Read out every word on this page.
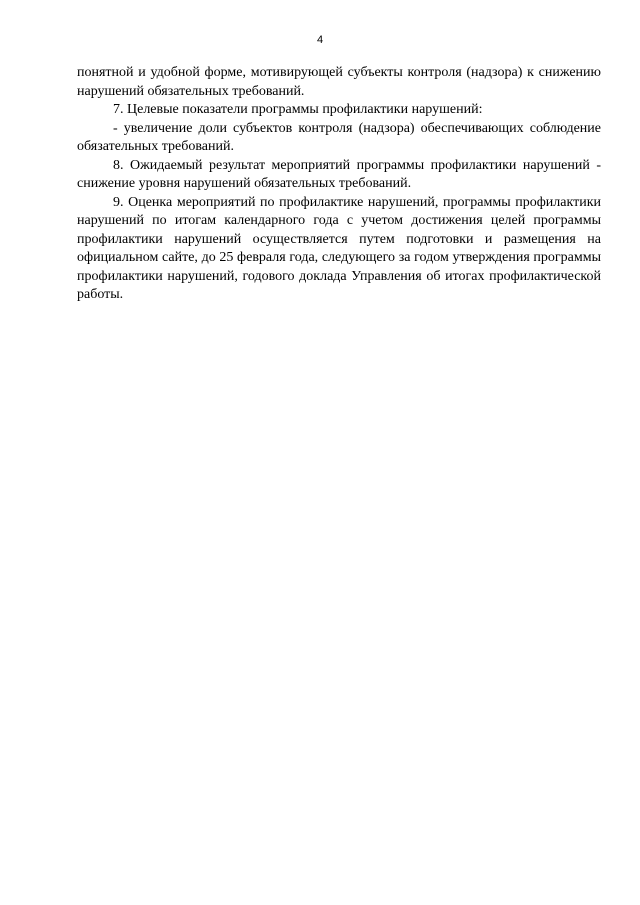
4

понятной и удобной форме, мотивирующей субъекты контроля (надзора) к снижению нарушений обязательных требований.

7. Целевые показатели программы профилактики нарушений:

- увеличение доли субъектов контроля (надзора) обеспечивающих соблюдение обязательных требований.

8. Ожидаемый результат мероприятий программы профилактики нарушений - снижение уровня нарушений обязательных требований.

9. Оценка мероприятий по профилактике нарушений, программы профилактики нарушений по итогам календарного года с учетом достижения целей программы профилактики нарушений осуществляется путем подготовки и размещения на официальном сайте, до 25 февраля года, следующего за годом утверждения программы профилактики нарушений, годового доклада Управления об итогах профилактической работы.
